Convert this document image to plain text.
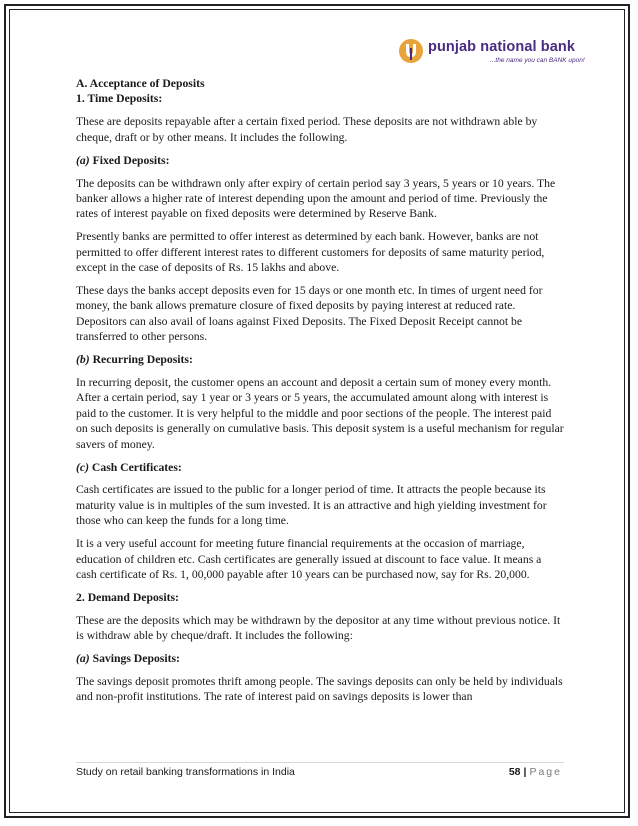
punjab national bank
...the name you can BANK upon!
A. Acceptance of Deposits
1. Time Deposits:

These are deposits repayable after a certain fixed period. These deposits are not withdrawn able by cheque, draft or by other means. It includes the following.

(a) Fixed Deposits:

The deposits can be withdrawn only after expiry of certain period say 3 years, 5 years or 10 years. The banker allows a higher rate of interest depending upon the amount and period of time. Previously the rates of interest payable on fixed deposits were determined by Reserve Bank.

Presently banks are permitted to offer interest as determined by each bank. However, banks are not permitted to offer different interest rates to different customers for deposits of same maturity period, except in the case of deposits of Rs. 15 lakhs and above.

These days the banks accept deposits even for 15 days or one month etc. In times of urgent need for money, the bank allows premature closure of fixed deposits by paying interest at reduced rate. Depositors can also avail of loans against Fixed Deposits. The Fixed Deposit Receipt cannot be transferred to other persons.

(b) Recurring Deposits:

In recurring deposit, the customer opens an account and deposit a certain sum of money every month. After a certain period, say 1 year or 3 years or 5 years, the accumulated amount along with interest is paid to the customer. It is very helpful to the middle and poor sections of the people. The interest paid on such deposits is generally on cumulative basis. This deposit system is a useful mechanism for regular savers of money.

(c) Cash Certificates:

Cash certificates are issued to the public for a longer period of time. It attracts the people because its maturity value is in multiples of the sum invested. It is an attractive and high yielding investment for those who can keep the funds for a long time.

It is a very useful account for meeting future financial requirements at the occasion of marriage, education of children etc. Cash certificates are generally issued at discount to face value. It means a cash certificate of Rs. 1, 00,000 payable after 10 years can be purchased now, say for Rs. 20,000.

2. Demand Deposits:

These are the deposits which may be withdrawn by the depositor at any time without previous notice. It is withdraw able by cheque/draft. It includes the following:

(a) Savings Deposits:

The savings deposit promotes thrift among people. The savings deposits can only be held by individuals and non-profit institutions. The rate of interest paid on savings deposits is lower than

Study on retail banking transformations in India	58 | Page
